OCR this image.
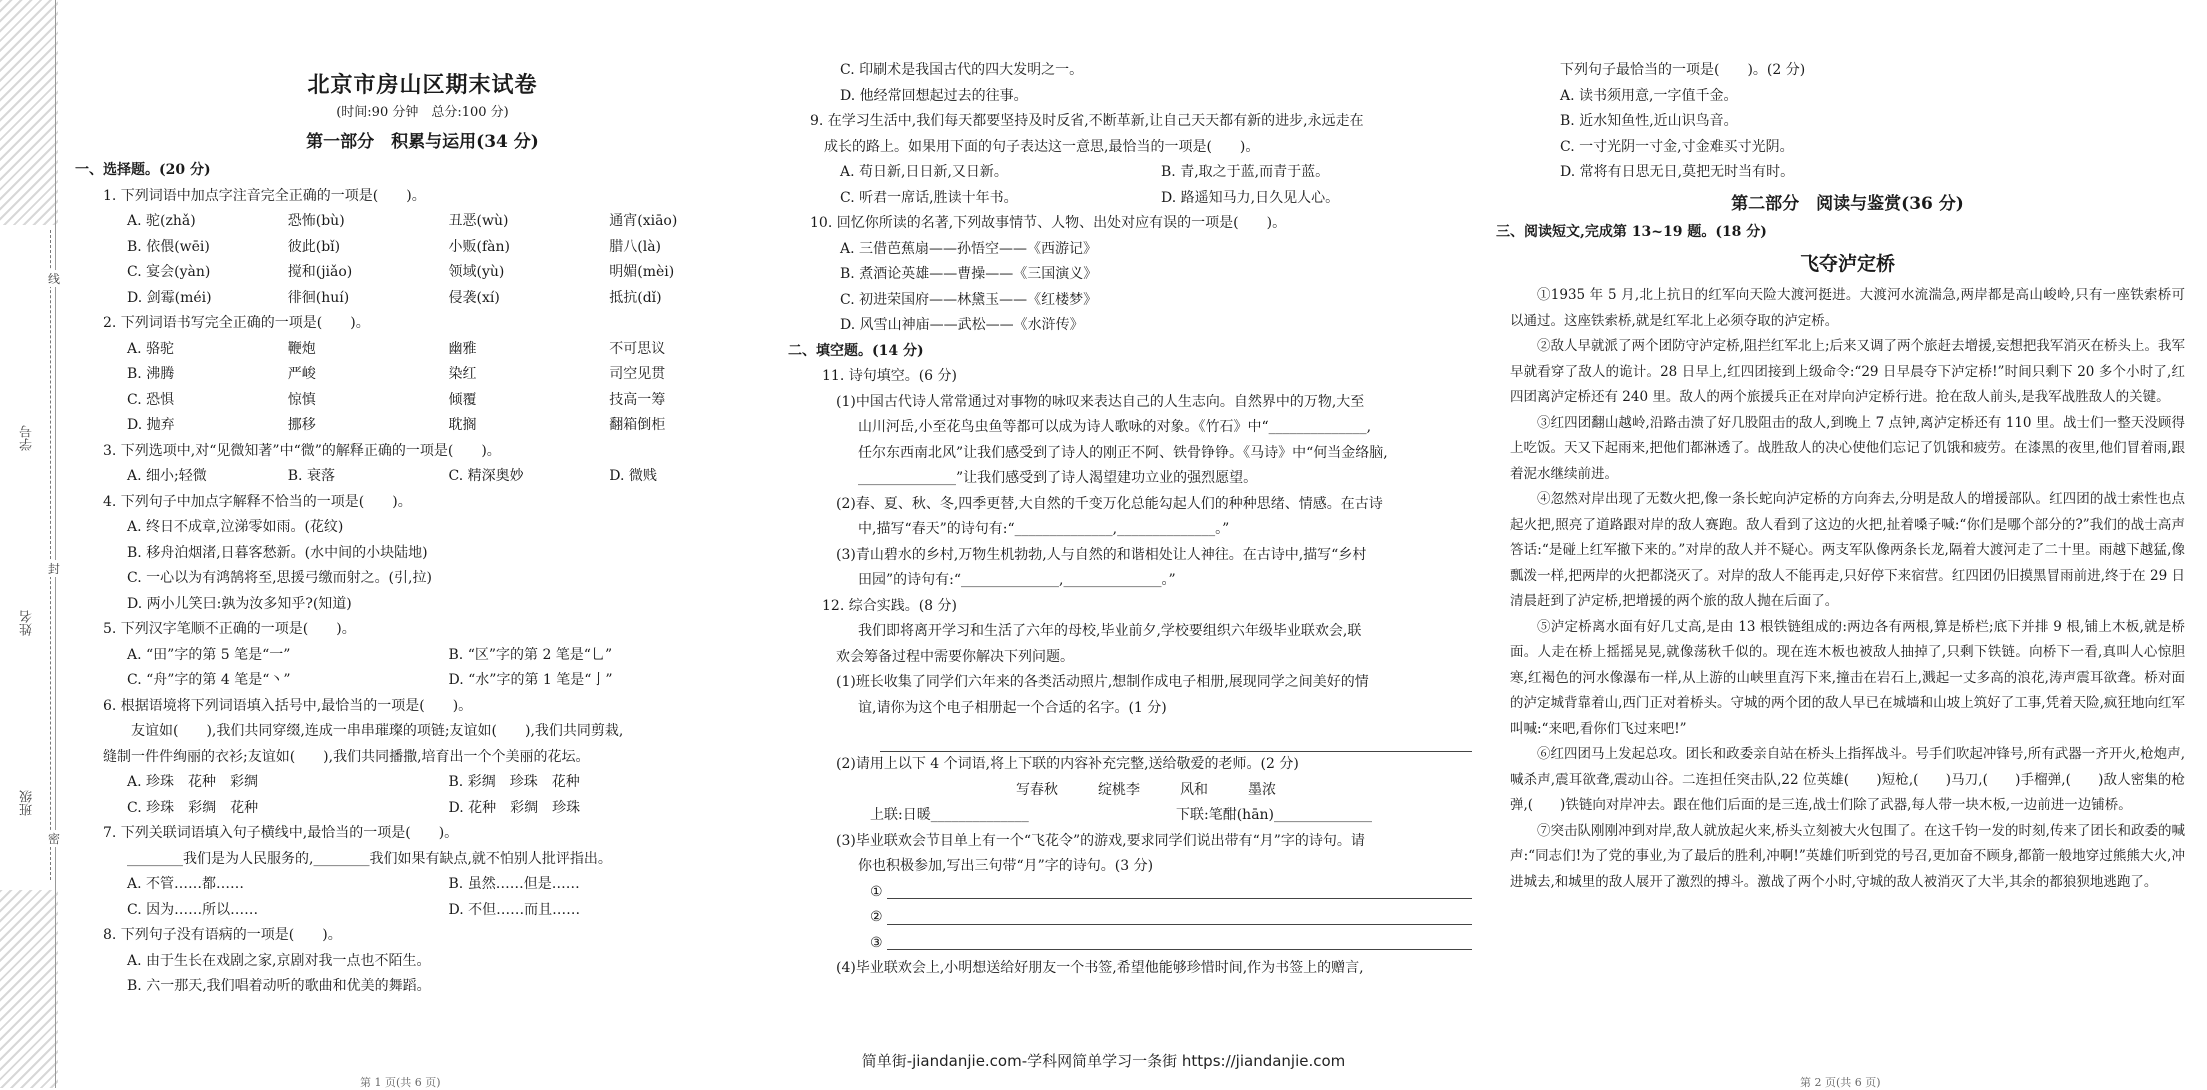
线
封
密
学号
姓名
班级
北京市房山区期末试卷
(时间:90 分钟　总分:100 分)
第一部分　积累与运用(34 分)
一、选择题。(20 分)
1. 下列词语中加点字注音完全正确的一项是(　　)。
A. 驼(zhǎ)	恐怖(bù)	丑恶(wù)	通宵(xiāo)
B. 依偎(wēi)	彼此(bǐ)	小贩(fàn)	腊八(là)
C. 宴会(yàn)	搅和(jiǎo)	领域(yù)	明媚(mèi)
D. 剑霉(méi)	徘徊(huí)	侵袭(xí)	抵抗(dǐ)
2. 下列词语书写完全正确的一项是(　　)。
A. 骆驼	鞭炮	幽雅	不可思议
B. 沸腾	严峻	染红	司空见贯
C. 恐惧	惊慎	倾覆	技高一筹
D. 抛弃	挪移	耽搁	翻箱倒柜
3. 下列选项中,对“见微知著”中“微”的解释正确的一项是(　　)。
A. 细小;轻微	B. 衰落	C. 精深奥妙	D. 微贱
4. 下列句子中加点字解释不恰当的一项是(　　)。
A. 终日不成章,泣涕零如雨。(花纹)
B. 移舟泊烟渚,日暮客愁新。(水中间的小块陆地)
C. 一心以为有鸿鹄将至,思援弓缴而射之。(引,拉)
D. 两小儿笑曰:孰为汝多知乎?(知道)
5. 下列汉字笔顺不正确的一项是(　　)。
A. “田”字的第 5 笔是“一”	B. “区”字的第 2 笔是“乚”
C. “舟”字的第 4 笔是“丶”	D. “水”字的第 1 笔是“亅”
6. 根据语境将下列词语填入括号中,最恰当的一项是(　　)。
友谊如(　　),我们共同穿缀,连成一串串璀璨的项链;友谊如(　　),我们共同剪栽,
缝制一件件绚丽的衣衫;友谊如(　　),我们共同播撒,培育出一个个美丽的花坛。
A. 珍珠　花种　彩绸	B. 彩绸　珍珠　花种
C. 珍珠　彩绸　花种	D. 花种　彩绸　珍珠
7. 下列关联词语填入句子横线中,最恰当的一项是(　　)。
________我们是为人民服务的,________我们如果有缺点,就不怕别人批评指出。
A. 不管……都……	B. 虽然……但是……
C. 因为……所以……	D. 不但……而且……
8. 下列句子没有语病的一项是(　　)。
A. 由于生长在戏剧之家,京剧对我一点也不陌生。
B. 六一那天,我们唱着动听的歌曲和优美的舞蹈。
第 1 页(共 6 页)
C. 印刷术是我国古代的四大发明之一。
D. 他经常回想起过去的往事。
9. 在学习生活中,我们每天都要坚持及时反省,不断革新,让自己天天都有新的进步,永远走在
成长的路上。如果用下面的句子表达这一意思,最恰当的一项是(　　)。
A. 苟日新,日日新,又日新。	B. 青,取之于蓝,而青于蓝。
C. 听君一席话,胜读十年书。	D. 路遥知马力,日久见人心。
10. 回忆你所读的名著,下列故事情节、人物、出处对应有误的一项是(　　)。
A. 三借芭蕉扇——孙悟空——《西游记》
B. 煮酒论英雄——曹操——《三国演义》
C. 初进荣国府——林黛玉——《红楼梦》
D. 风雪山神庙——武松——《水浒传》
二、填空题。(14 分)
11. 诗句填空。(6 分)
(1)中国古代诗人常常通过对事物的咏叹来表达自己的人生志向。自然界中的万物,大至
山川河岳,小至花鸟虫鱼等都可以成为诗人歌咏的对象。《竹石》中“______________,
任尔东西南北风”让我们感受到了诗人的刚正不阿、铁骨铮铮。《马诗》中“何当金络脑,
______________”让我们感受到了诗人渴望建功立业的强烈愿望。
(2)春、夏、秋、冬,四季更替,大自然的千变万化总能勾起人们的种种思绪、情感。在古诗
中,描写“春天”的诗句有:“______________,______________。”
(3)青山碧水的乡村,万物生机勃勃,人与自然的和谐相处让人神往。在古诗中,描写“乡村
田园”的诗句有:“______________,______________。”
12. 综合实践。(8 分)
我们即将离开学习和生活了六年的母校,毕业前夕,学校要组织六年级毕业联欢会,联
欢会筹备过程中需要你解决下列问题。
(1)班长收集了同学们六年来的各类活动照片,想制作成电子相册,展现同学之间美好的情
谊,请你为这个电子相册起一个合适的名字。(1 分)
(2)请用上以下 4 个词语,将上下联的内容补充完整,送给敬爱的老师。(2 分)
写春秋	绽桃李	风和	墨浓
上联:日暖______________	下联:笔酣(hān)______________
(3)毕业联欢会节目单上有一个“飞花令”的游戏,要求同学们说出带有“月”字的诗句。请
你也积极参加,写出三句带“月”字的诗句。(3 分)
①
②
③
(4)毕业联欢会上,小明想送给好朋友一个书签,希望他能够珍惜时间,作为书签上的赠言,
下列句子最恰当的一项是(　　)。(2 分)
A. 读书须用意,一字值千金。
B. 近水知鱼性,近山识鸟音。
C. 一寸光阴一寸金,寸金难买寸光阴。
D. 常将有日思无日,莫把无时当有时。
第二部分　阅读与鉴赏(36 分)
三、阅读短文,完成第 13~19 题。(18 分)
飞夺泸定桥

①1935 年 5 月,北上抗日的红军向天险大渡河挺进。大渡河水流湍急,两岸都是高山峻岭,只有一座铁索桥可以通过。这座铁索桥,就是红军北上必须夺取的泸定桥。

②敌人早就派了两个团防守泸定桥,阻拦红军北上;后来又调了两个旅赶去增援,妄想把我军消灭在桥头上。我军早就看穿了敌人的诡计。28 日早上,红四团接到上级命令:“29 日早晨夺下泸定桥!”时间只剩下 20 多个小时了,红四团离泸定桥还有 240 里。敌人的两个旅援兵正在对岸向泸定桥行进。抢在敌人前头,是我军战胜敌人的关键。

③红四团翻山越岭,沿路击溃了好几股阻击的敌人,到晚上 7 点钟,离泸定桥还有 110 里。战士们一整天没顾得上吃饭。天又下起雨来,把他们都淋透了。战胜敌人的决心使他们忘记了饥饿和疲劳。在漆黑的夜里,他们冒着雨,跟着泥水继续前进。

④忽然对岸出现了无数火把,像一条长蛇向泸定桥的方向奔去,分明是敌人的增援部队。红四团的战士索性也点起火把,照亮了道路跟对岸的敌人赛跑。敌人看到了这边的火把,扯着嗓子喊:“你们是哪个部分的?”我们的战士高声答话:“是碰上红军撤下来的。”对岸的敌人并不疑心。两支军队像两条长龙,隔着大渡河走了二十里。雨越下越猛,像瓢泼一样,把两岸的火把都浇灭了。对岸的敌人不能再走,只好停下来宿营。红四团仍旧摸黑冒雨前进,终于在 29 日清晨赶到了泸定桥,把增援的两个旅的敌人抛在后面了。

⑤泸定桥离水面有好几丈高,是由 13 根铁链组成的:两边各有两根,算是桥栏;底下并排 9 根,铺上木板,就是桥面。人走在桥上摇摇晃晃,就像荡秋千似的。现在连木板也被敌人抽掉了,只剩下铁链。向桥下一看,真叫人心惊胆寒,红褐色的河水像瀑布一样,从上游的山峡里直泻下来,撞击在岩石上,溅起一丈多高的浪花,涛声震耳欲聋。桥对面的泸定城背靠着山,西门正对着桥头。守城的两个团的敌人早已在城墙和山坡上筑好了工事,凭着天险,疯狂地向红军叫喊:“来吧,看你们飞过来吧!”

⑥红四团马上发起总攻。团长和政委亲自站在桥头上指挥战斗。号手们吹起冲锋号,所有武器一齐开火,枪炮声,喊杀声,震耳欲聋,震动山谷。二连担任突击队,22 位英雄(　　)短枪,(　　)马刀,(　　)手榴弹,(　　)敌人密集的枪弹,(　　)铁链向对岸冲去。跟在他们后面的是三连,战士们除了武器,每人带一块木板,一边前进一边铺桥。

⑦突击队刚刚冲到对岸,敌人就放起火来,桥头立刻被大火包围了。在这千钧一发的时刻,传来了团长和政委的喊声:“同志们!为了党的事业,为了最后的胜利,冲啊!”英雄们听到党的号召,更加奋不顾身,都箭一般地穿过熊熊大火,冲进城去,和城里的敌人展开了激烈的搏斗。激战了两个小时,守城的敌人被消灭了大半,其余的都狼狈地逃跑了。

第 2 页(共 6 页)
简单街-jiandanjie.com-学科网简单学习一条街 https://jiandanjie.com
